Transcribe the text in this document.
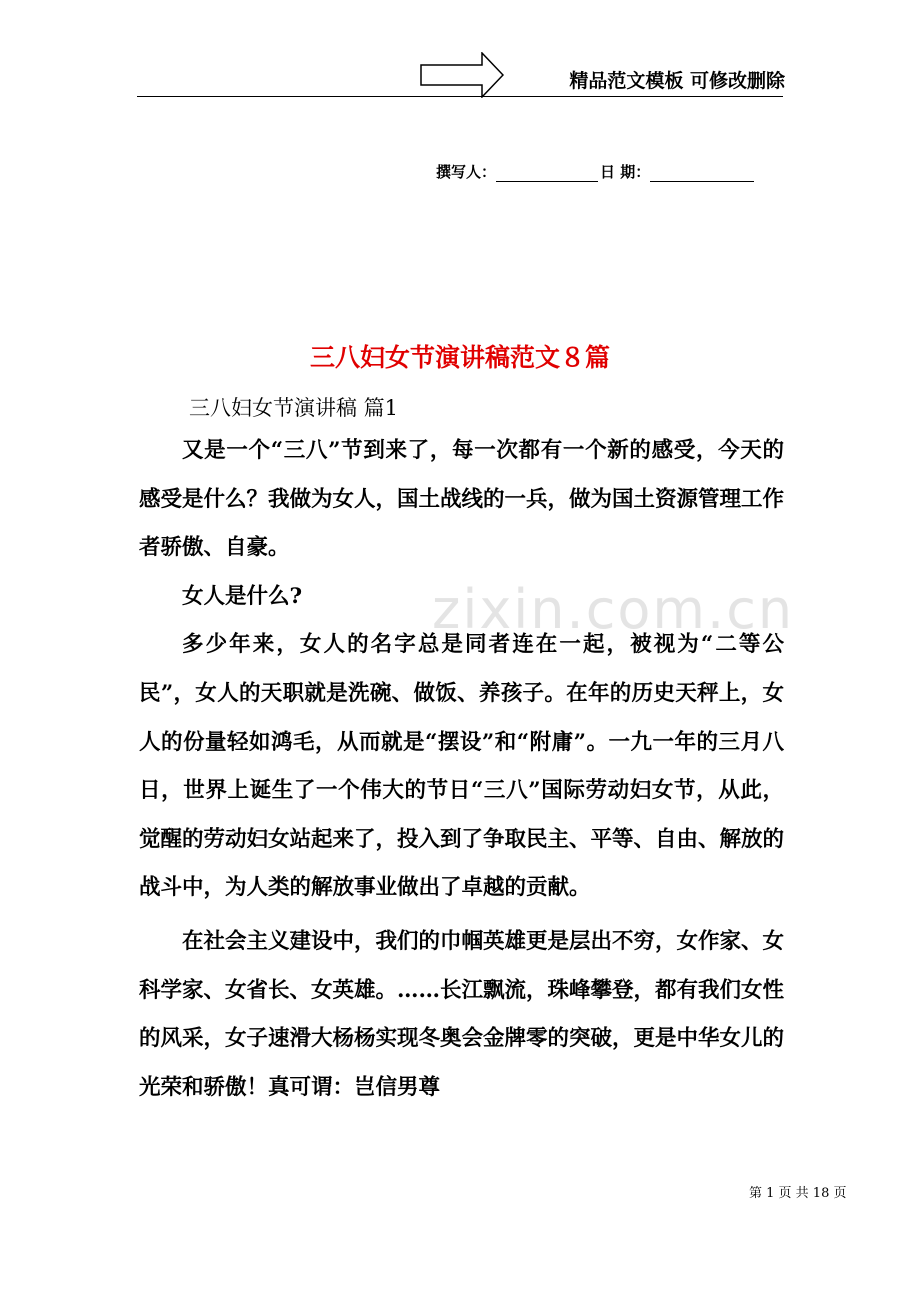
精品范文模板 可修改删除
撰写人：	日 期：
三八妇女节演讲稿范文８篇
三八妇女节演讲稿 篇1
zixin.com.cn

又是一个“三八”节到来了，每一次都有一个新的感受，今天的感受是什么？我做为女人，国土战线的一兵，做为国土资源管理工作者骄傲、自豪。

女人是什么?

多少年来，女人的名字总是同者连在一起，被视为“二等公民”，女人的天职就是洗碗、做饭、养孩子。在年的历史天秤上，女人的份量轻如鸿毛，从而就是“摆设”和“附庸”。一九一年的三月八日，世界上诞生了一个伟大的节日“三八”国际劳动妇女节，从此，觉醒的劳动妇女站起来了，投入到了争取民主、平等、自由、解放的战斗中，为人类的解放事业做出了卓越的贡献。

在社会主义建设中，我们的巾帼英雄更是层出不穷，女作家、女科学家、女省长、女英雄。……长江飘流，珠峰攀登，都有我们女性的风采，女子速滑大杨杨实现冬奥会金牌零的突破，更是中华女儿的光荣和骄傲！真可谓：岂信男尊

第 1 页 共 18 页
